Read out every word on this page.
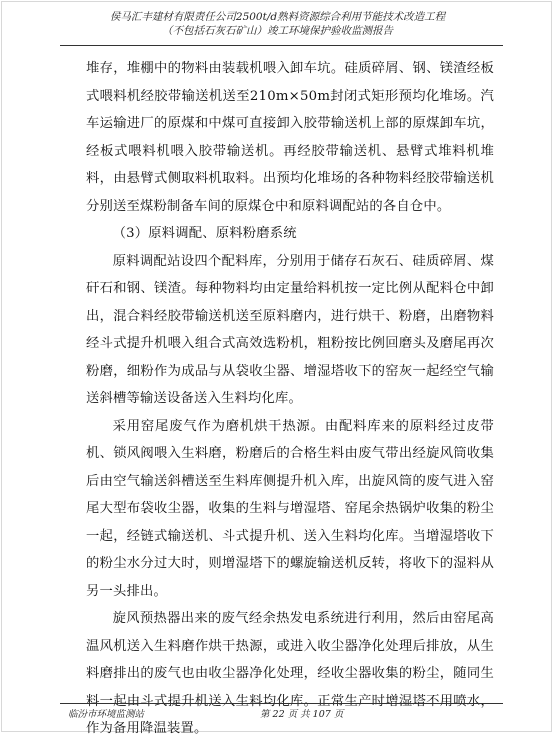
侯马汇丰建材有限责任公司2500t/d熟料资源综合利用节能技术改造工程
（不包括石灰石矿山）竣工环境保护验收监测报告

堆存，堆棚中的物料由装载机喂入卸车坑。硅质碎屑、钢、镁渣经板式喂料机经胶带输送机送至210m×50m封闭式矩形预均化堆场。汽车运输进厂的原煤和中煤可直接卸入胶带输送机上部的原煤卸车坑，经板式喂料机喂入胶带输送机。再经胶带输送机、悬臂式堆料机堆料，由悬臂式侧取料机取料。出预均化堆场的各种物料经胶带输送机分别送至煤粉制备车间的原煤仓中和原料调配站的各自仓中。

（3）原料调配、原料粉磨系统

原料调配站设四个配料库，分别用于储存石灰石、硅质碎屑、煤矸石和钢、镁渣。每种物料均由定量给料机按一定比例从配料仓中卸出，混合料经胶带输送机送至原料磨内，进行烘干、粉磨，出磨物料经斗式提升机喂入组合式高效选粉机，粗粉按比例回磨头及磨尾再次粉磨，细粉作为成品与从袋收尘器、增湿塔收下的窑灰一起经空气输送斜槽等输送设备送入生料均化库。

采用窑尾废气作为磨机烘干热源。由配料库来的原料经过皮带机、锁风阀喂入生料磨，粉磨后的合格生料由废气带出经旋风筒收集后由空气输送斜槽送至生料库侧提升机入库，出旋风筒的废气进入窑尾大型布袋收尘器，收集的生料与增湿塔、窑尾余热锅炉收集的粉尘一起，经链式输送机、斗式提升机、送入生料均化库。当增湿塔收下的粉尘水分过大时，则增湿塔下的螺旋输送机反转，将收下的湿料从另一头排出。

旋风预热器出来的废气经余热发电系统进行利用，然后由窑尾高温风机送入生料磨作烘干热源，或进入收尘器净化处理后排放，从生料磨排出的废气也由收尘器净化处理，经收尘器收集的粉尘，随同生料一起由斗式提升机送入生料均化库。正常生产时增湿塔不用喷水，作为备用降温装置。

临汾市环境监测站	第 22 页 共 107 页
